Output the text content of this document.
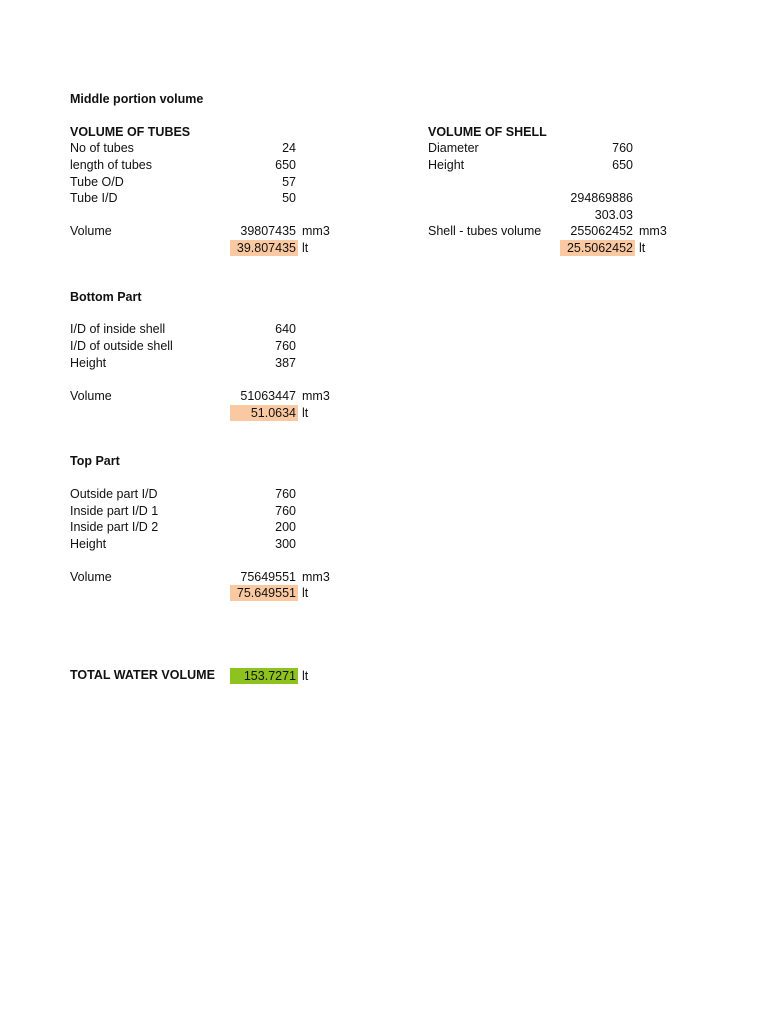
Middle portion volume
VOLUME OF TUBES
No of tubes	24
length of tubes	650
Tube O/D	57
Tube I/D	50
Volume	39807435 mm3
39.807435 lt
VOLUME OF SHELL
Diameter	760
Height	650
294869886
303.03
Shell - tubes volume	255062452 mm3
25.5062452 lt
Bottom Part
I/D of inside shell	640
I/D of outside shell	760
Height	387
Volume	51063447 mm3
51.0634 lt
Top Part
Outside part I/D	760
Inside part I/D 1	760
Inside part I/D 2	200
Height	300
Volume	75649551 mm3
75.649551 lt
TOTAL WATER VOLUME	153.7271 lt
